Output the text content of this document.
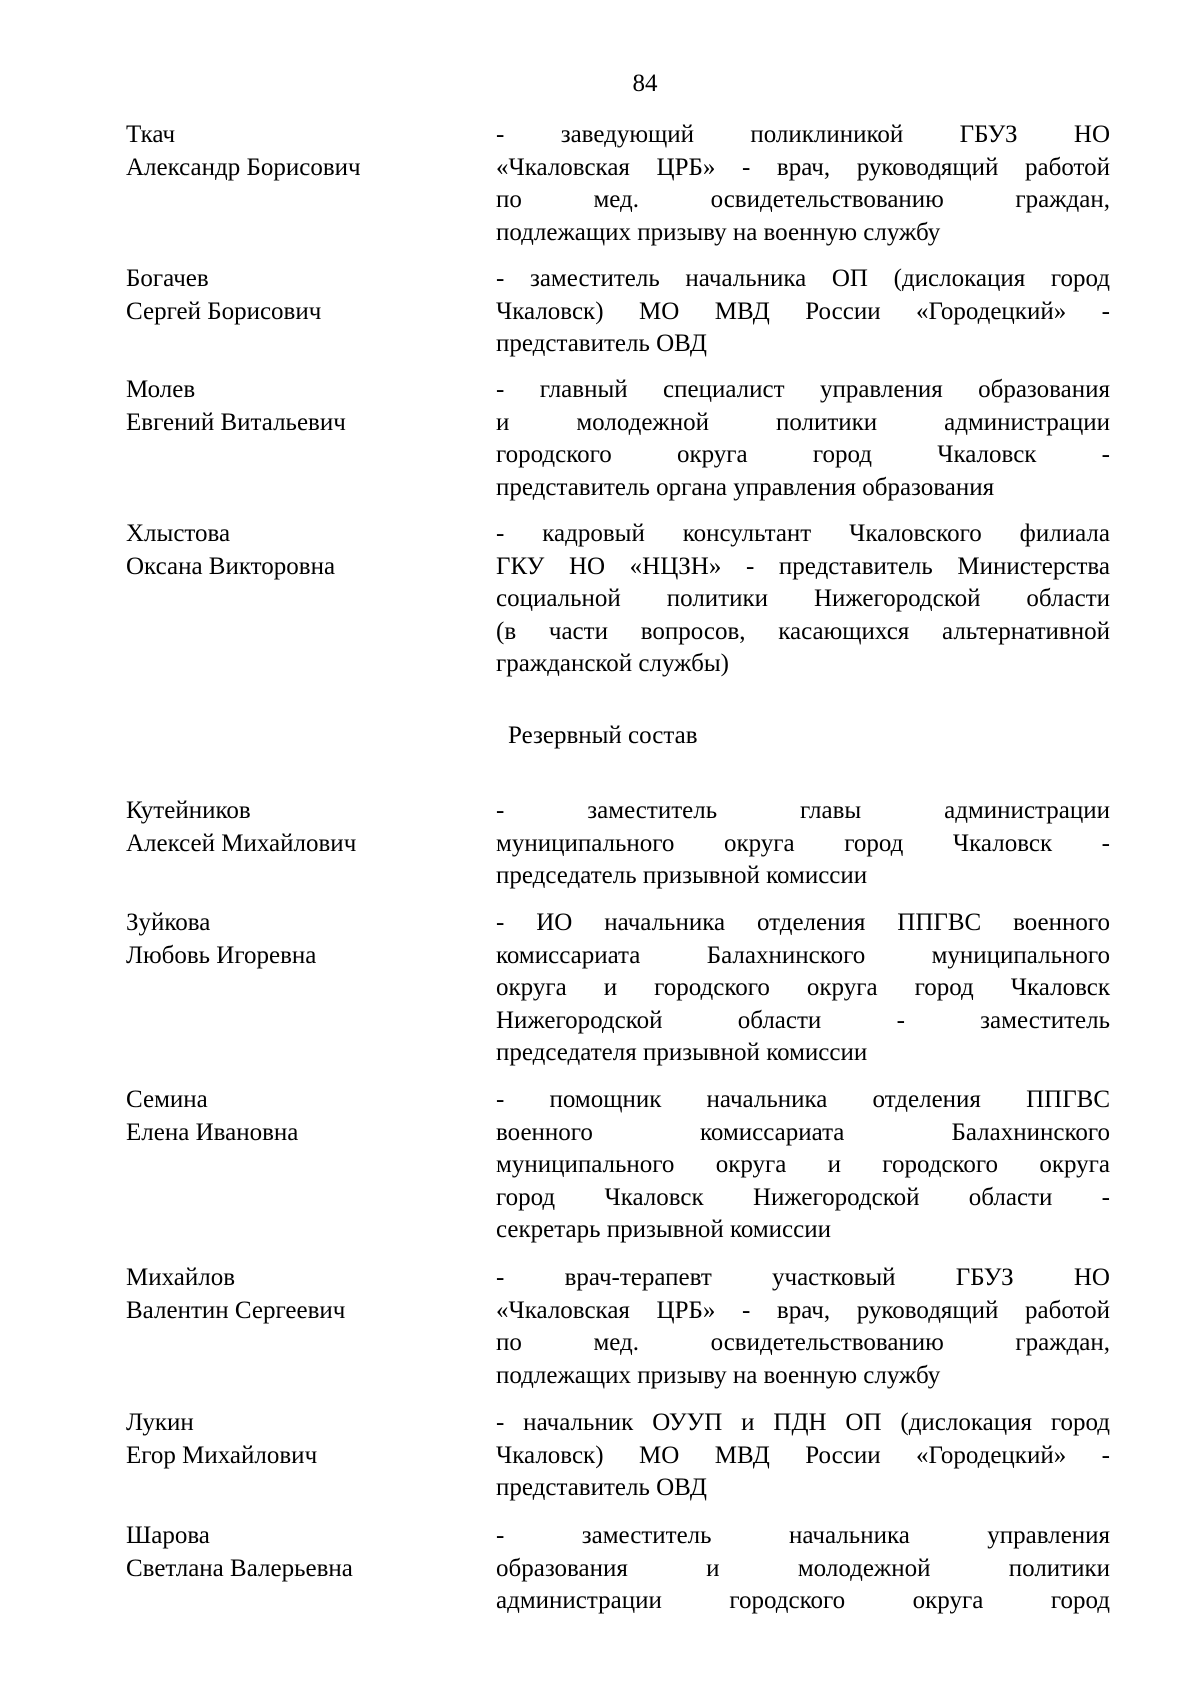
84
Ткач
Александр Борисович
- заведующий поликлиникой ГБУЗ НО
«Чкаловская ЦРБ» - врач, руководящий работой
по мед. освидетельствованию граждан,
подлежащих призыву на военную службу
Богачев
Сергей Борисович
- заместитель начальника ОП (дислокация город
Чкаловск) МО МВД России «Городецкий» -
представитель ОВД
Молев
Евгений Витальевич
- главный специалист управления образования
и молодежной политики администрации
городского округа город Чкаловск -
представитель органа управления образования
Хлыстова
Оксана Викторовна
- кадровый консультант Чкаловского филиала
ГКУ НО «НЦЗН» - представитель Министерства
социальной политики Нижегородской области
(в части вопросов, касающихся альтернативной
гражданской службы)
Резервный состав
Кутейников
Алексей Михайлович
- заместитель главы администрации
муниципального округа город Чкаловск -
председатель призывной комиссии
Зуйкова
Любовь Игоревна
- ИО начальника отделения ППГВС военного
комиссариата Балахнинского муниципального
округа и городского округа город Чкаловск
Нижегородской области - заместитель
председателя призывной комиссии
Семина
Елена Ивановна
- помощник начальника отделения ППГВС
военного комиссариата Балахнинского
муниципального округа и городского округа
город Чкаловск Нижегородской области -
секретарь призывной комиссии
Михайлов
Валентин Сергеевич
- врач-терапевт участковый ГБУЗ НО
«Чкаловская ЦРБ» - врач, руководящий работой
по мед. освидетельствованию граждан,
подлежащих призыву на военную службу
Лукин
Егор Михайлович
- начальник ОУУП и ПДН ОП (дислокация город
Чкаловск) МО МВД России «Городецкий» -
представитель ОВД
Шарова
Светлана Валерьевна
- заместитель начальника управления
образования и молодежной политики
администрации городского округа город
